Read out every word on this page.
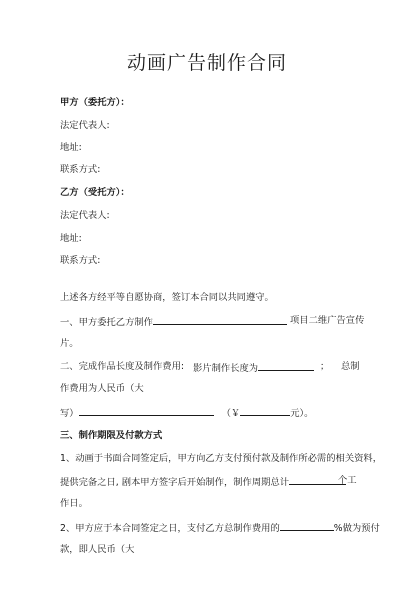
动画广告制作合同
甲方（委托方）：
法定代表人:
地址:
联系方式:
乙方（受托方）：
法定代表人:
地址:
联系方式:
上述各方经平等自愿协商，签订本合同以共同遵守。
一、甲方委托乙方制作	项目二维广告宣传
片。
二、完成作品长度及制作费用: 影片制作长度为	； 总制
作费用为人民币（大
写）	（￥	元）。
三、制作期限及付款方式
1、动画于书面合同签定后，甲方向乙方支付预付款及制作所必需的相关资料，
提供完备之日, 剧本甲方签字后开始制作，制作周期总计	个工
作日。
2、甲方应于本合同签定之日，支付乙方总制作费用的	%做为预付
款，即人民币（大
